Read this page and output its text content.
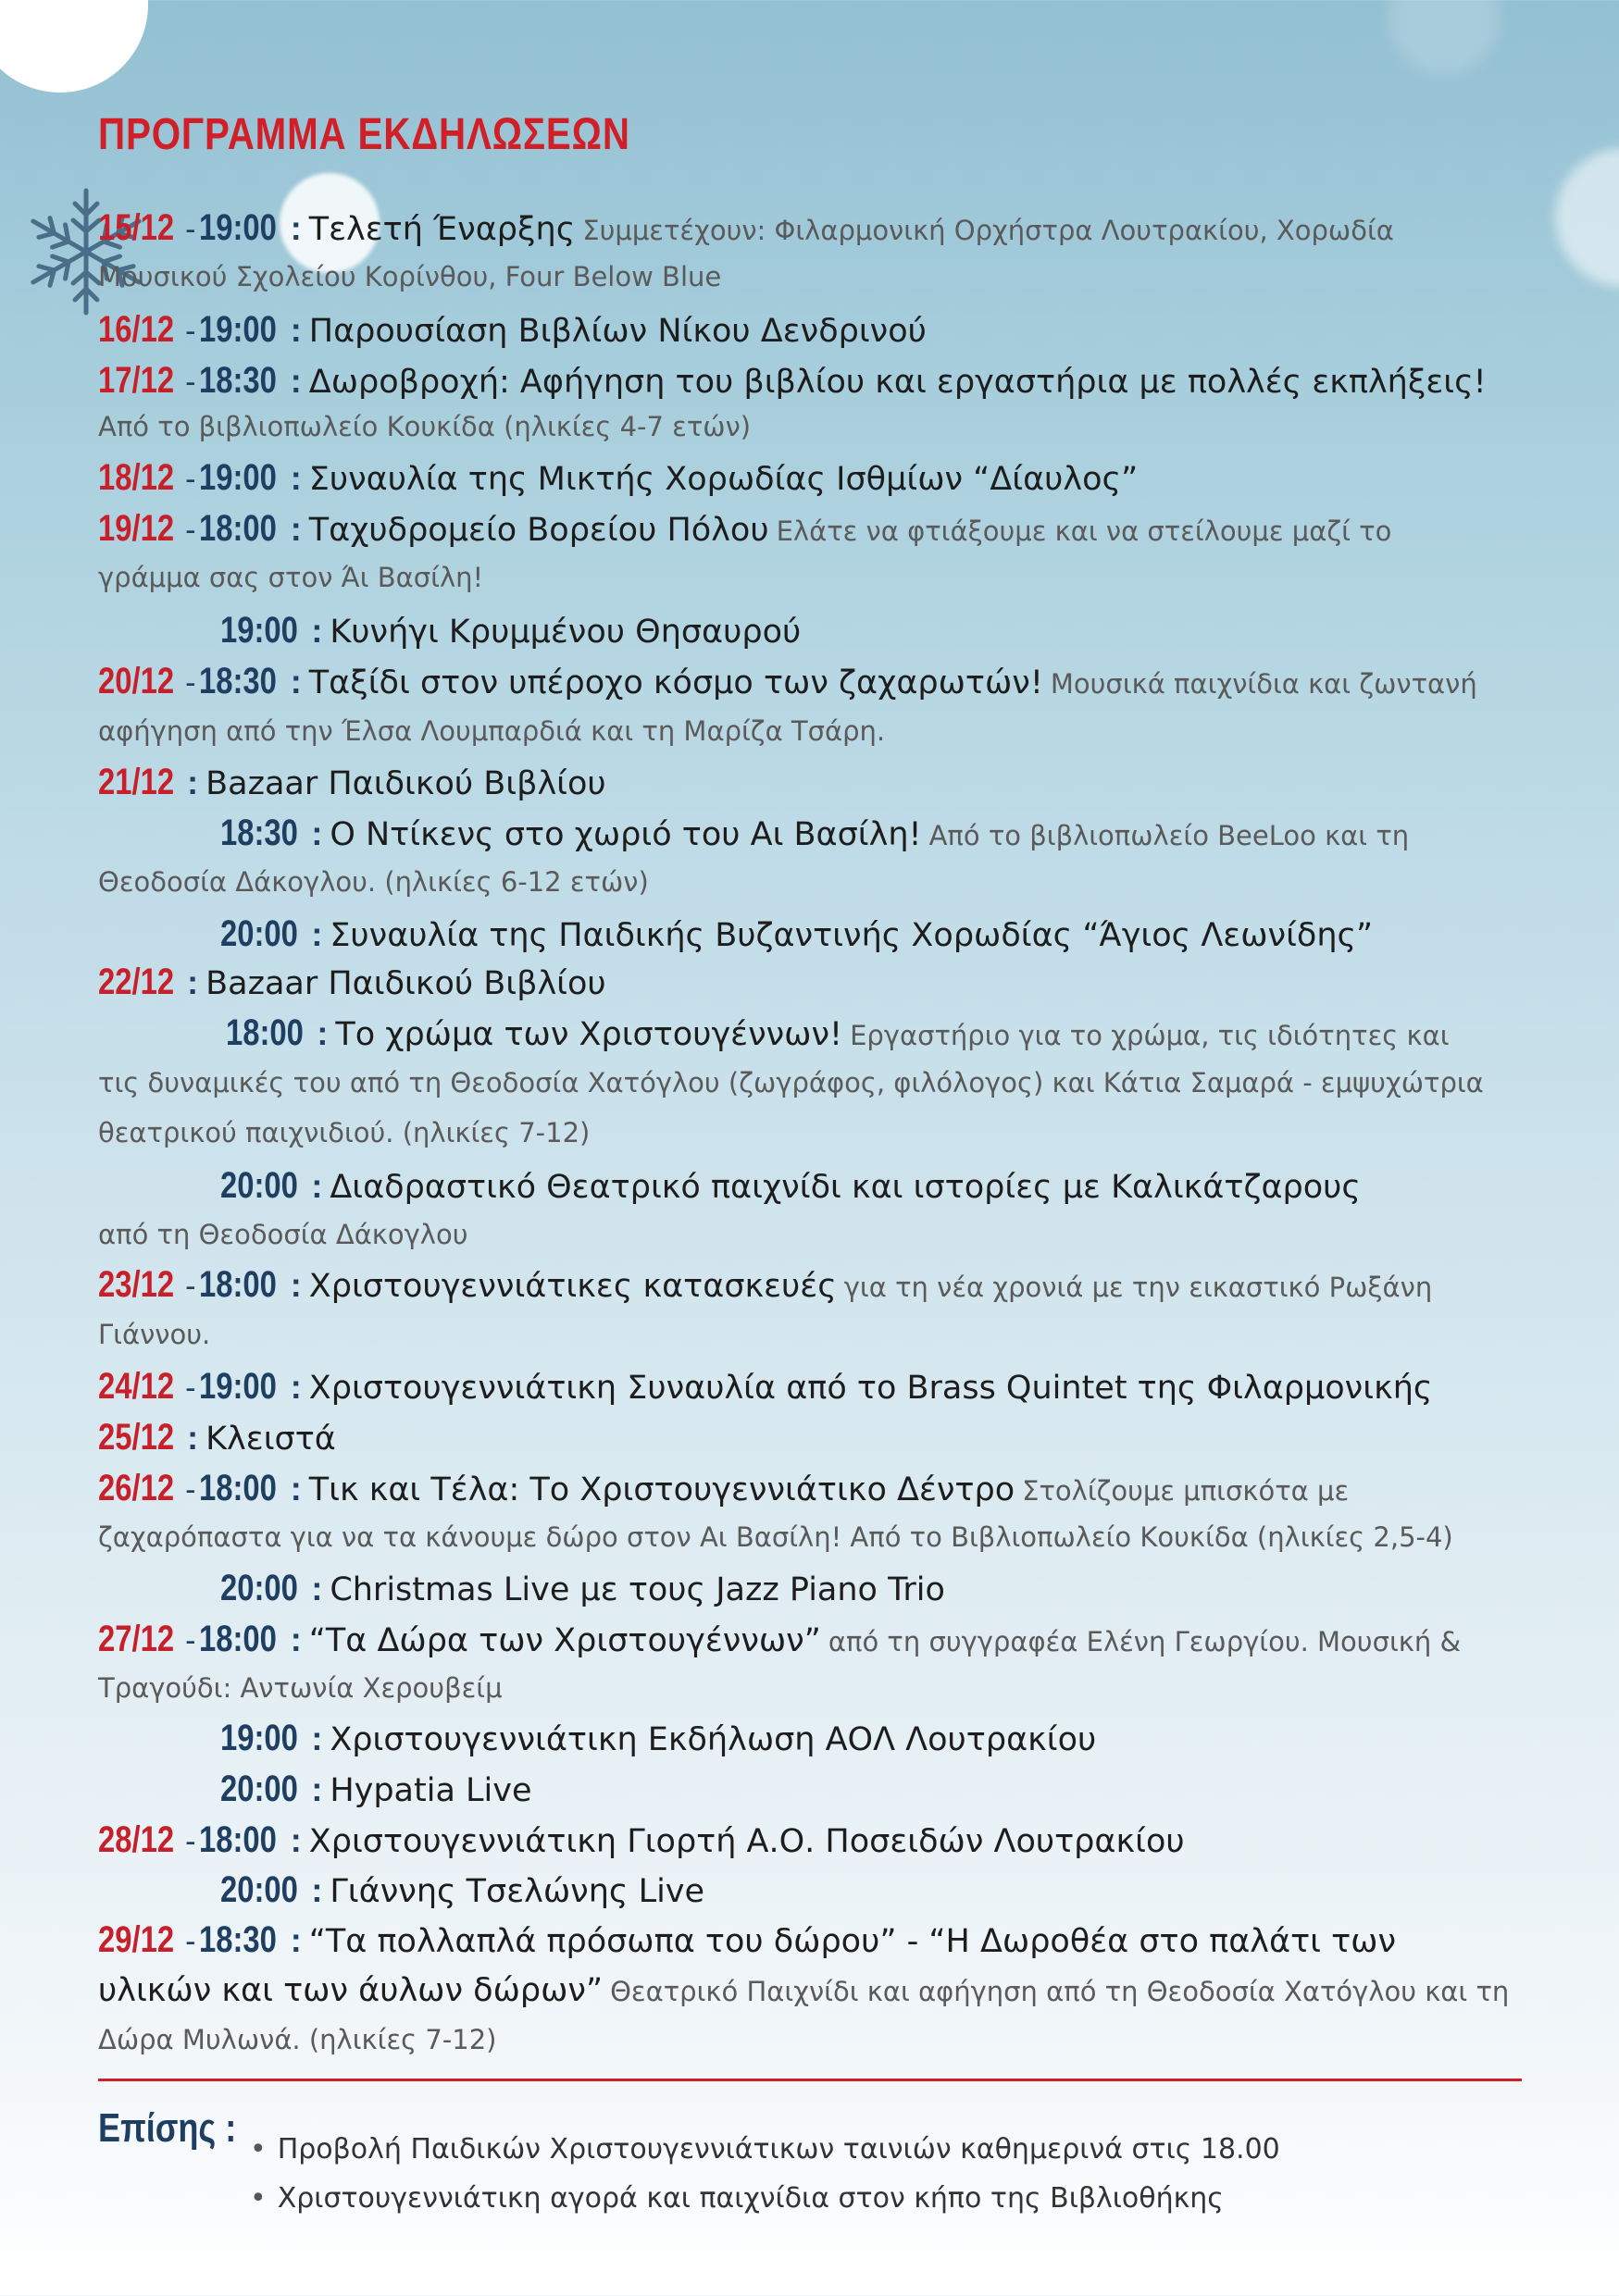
ΠΡΟΓΡΑΜΜΑ ΕΚΔΗΛΩΣΕΩΝ
15/12 - 19:00 : Τελετή Έναρξης Συμμετέχουν: Φιλαρμονική Ορχήστρα Λουτρακίου, Χορωδία
Μουσικού Σχολείου Κορίνθου, Four Below Blue
16/12 - 19:00 : Παρουσίαση Βιβλίων Νίκου Δενδρινού
17/12 - 18:30 : Δωροβροχή: Αφήγηση του βιβλίου και εργαστήρια με πολλές εκπλήξεις!
Από το βιβλιοπωλείο Κουκίδα (ηλικίες 4-7 ετών)
18/12 - 19:00 : Συναυλία της Μικτής Χορωδίας Ισθμίων “Δίαυλος”
19/12 - 18:00 : Ταχυδρομείο Βορείου Πόλου Ελάτε να φτιάξουμε και να στείλουμε μαζί το
γράμμα σας στον Άι Βασίλη!
19:00 : Κυνήγι Κρυμμένου Θησαυρού
20/12 - 18:30 : Ταξίδι στον υπέροχο κόσμο των ζαχαρωτών! Μουσικά παιχνίδια και ζωντανή
αφήγηση από την Έλσα Λουμπαρδιά και τη Μαρίζα Τσάρη.
21/12 : Bazaar Παιδικού Βιβλίου
18:30 : Ο Ντίκενς στο χωριό του Αι Βασίλη! Από το βιβλιοπωλείο BeeLoo και τη
Θεοδοσία Δάκογλου. (ηλικίες 6-12 ετών)
20:00 : Συναυλία της Παιδικής Βυζαντινής Χορωδίας “Άγιος Λεωνίδης”
22/12 : Bazaar Παιδικού Βιβλίου
18:00 : Το χρώμα των Χριστουγέννων! Εργαστήριο για το χρώμα, τις ιδιότητες και
τις δυναμικές του από τη Θεοδοσία Χατόγλου (ζωγράφος, φιλόλογος) και Κάτια Σαμαρά - εμψυχώτρια
θεατρικού παιχνιδιού. (ηλικίες 7-12)
20:00 : Διαδραστικό Θεατρικό παιχνίδι και ιστορίες με Καλικάτζαρους
από τη Θεοδοσία Δάκογλου
23/12 - 18:00 : Χριστουγεννιάτικες κατασκευές για τη νέα χρονιά με την εικαστικό Ρωξάνη
Γιάννου.
24/12 - 19:00 : Χριστουγεννιάτικη Συναυλία από το Brass Quintet της Φιλαρμονικής
25/12 : Κλειστά
26/12 - 18:00 : Τικ και Τέλα: Το Χριστουγεννιάτικο Δέντρο Στολίζουμε μπισκότα με
ζαχαρόπαστα για να τα κάνουμε δώρο στον Αι Βασίλη! Από το Βιβλιοπωλείο Κουκίδα (ηλικίες 2,5-4)
20:00 : Christmas Live με τους Jazz Piano Trio
27/12 - 18:00 : “Τα Δώρα των Χριστουγέννων” από τη συγγραφέα Ελένη Γεωργίου. Μουσική &
Τραγούδι: Αντωνία Χερουβείμ
19:00 : Χριστουγεννιάτικη Εκδήλωση ΑΟΛ Λουτρακίου
20:00 : Hypatia Live
28/12 - 18:00 : Χριστουγεννιάτικη Γιορτή Α.Ο. Ποσειδών Λουτρακίου
20:00 : Γιάννης Τσελώνης Live
29/12 - 18:30 : “Τα πολλαπλά πρόσωπα του δώρου” - “Η Δωροθέα στο παλάτι των
υλικών και των άυλων δώρων” Θεατρικό Παιχνίδι και αφήγηση από τη Θεοδοσία Χατόγλου και τη
Δώρα Μυλωνά. (ηλικίες 7-12)
Επίσης : • Προβολή Παιδικών Χριστουγεννιάτικων ταινιών καθημερινά στις 18.00
• Χριστουγεννιάτικη αγορά και παιχνίδια στον κήπο της Βιβλιοθήκης
